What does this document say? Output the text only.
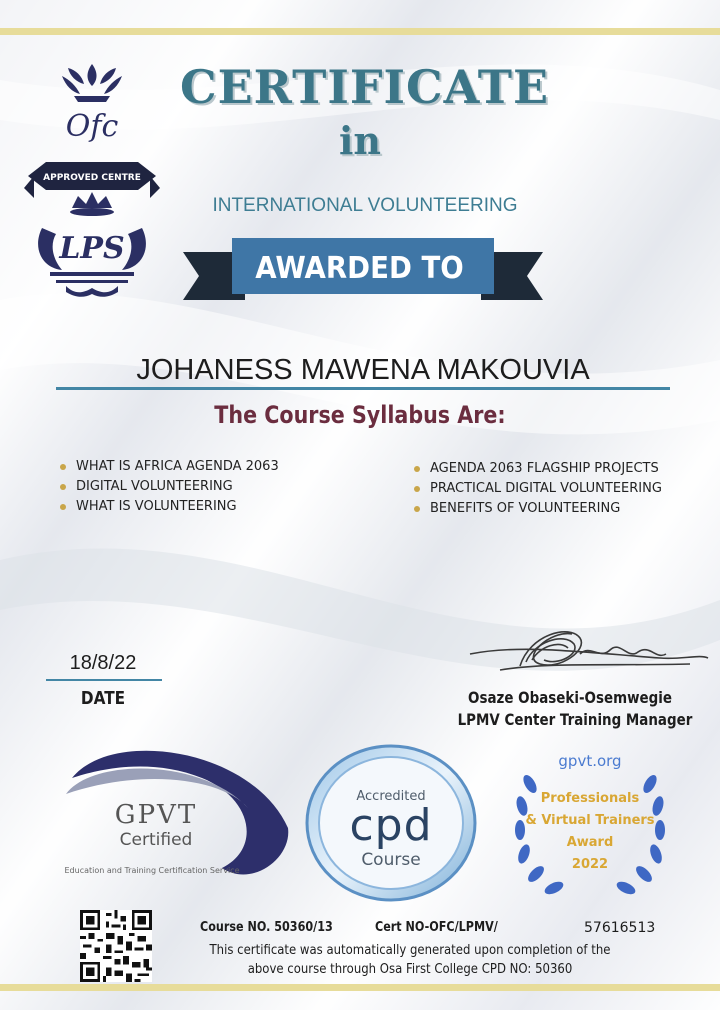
Ofc
APPROVED CENTRE
LPS
CERTIFICATE
in
INTERNATIONAL VOLUNTEERING
AWARDED TO
JOHANESS MAWENA MAKOUVIA
The Course Syllabus Are:
WHAT IS AFRICA AGENDA 2063
DIGITAL VOLUNTEERING
WHAT IS VOLUNTEERING
AGENDA 2063 FLAGSHIP PROJECTS
PRACTICAL DIGITAL VOLUNTEERING
BENEFITS OF VOLUNTEERING
18/8/22
DATE	Osaze Obaseki-Osemwegie
LPMV Center Training Manager
GPVT
Certified
Education and Training Certification Service
Accredited
cpd
Course
gpvt.org
Professionals
& Virtual Trainers
Award
2022
Course NO. 50360/13	Cert NO-OFC/LPMV/	57616513
This certificate was automatically generated upon completion of the
above course through Osa First College CPD NO: 50360
